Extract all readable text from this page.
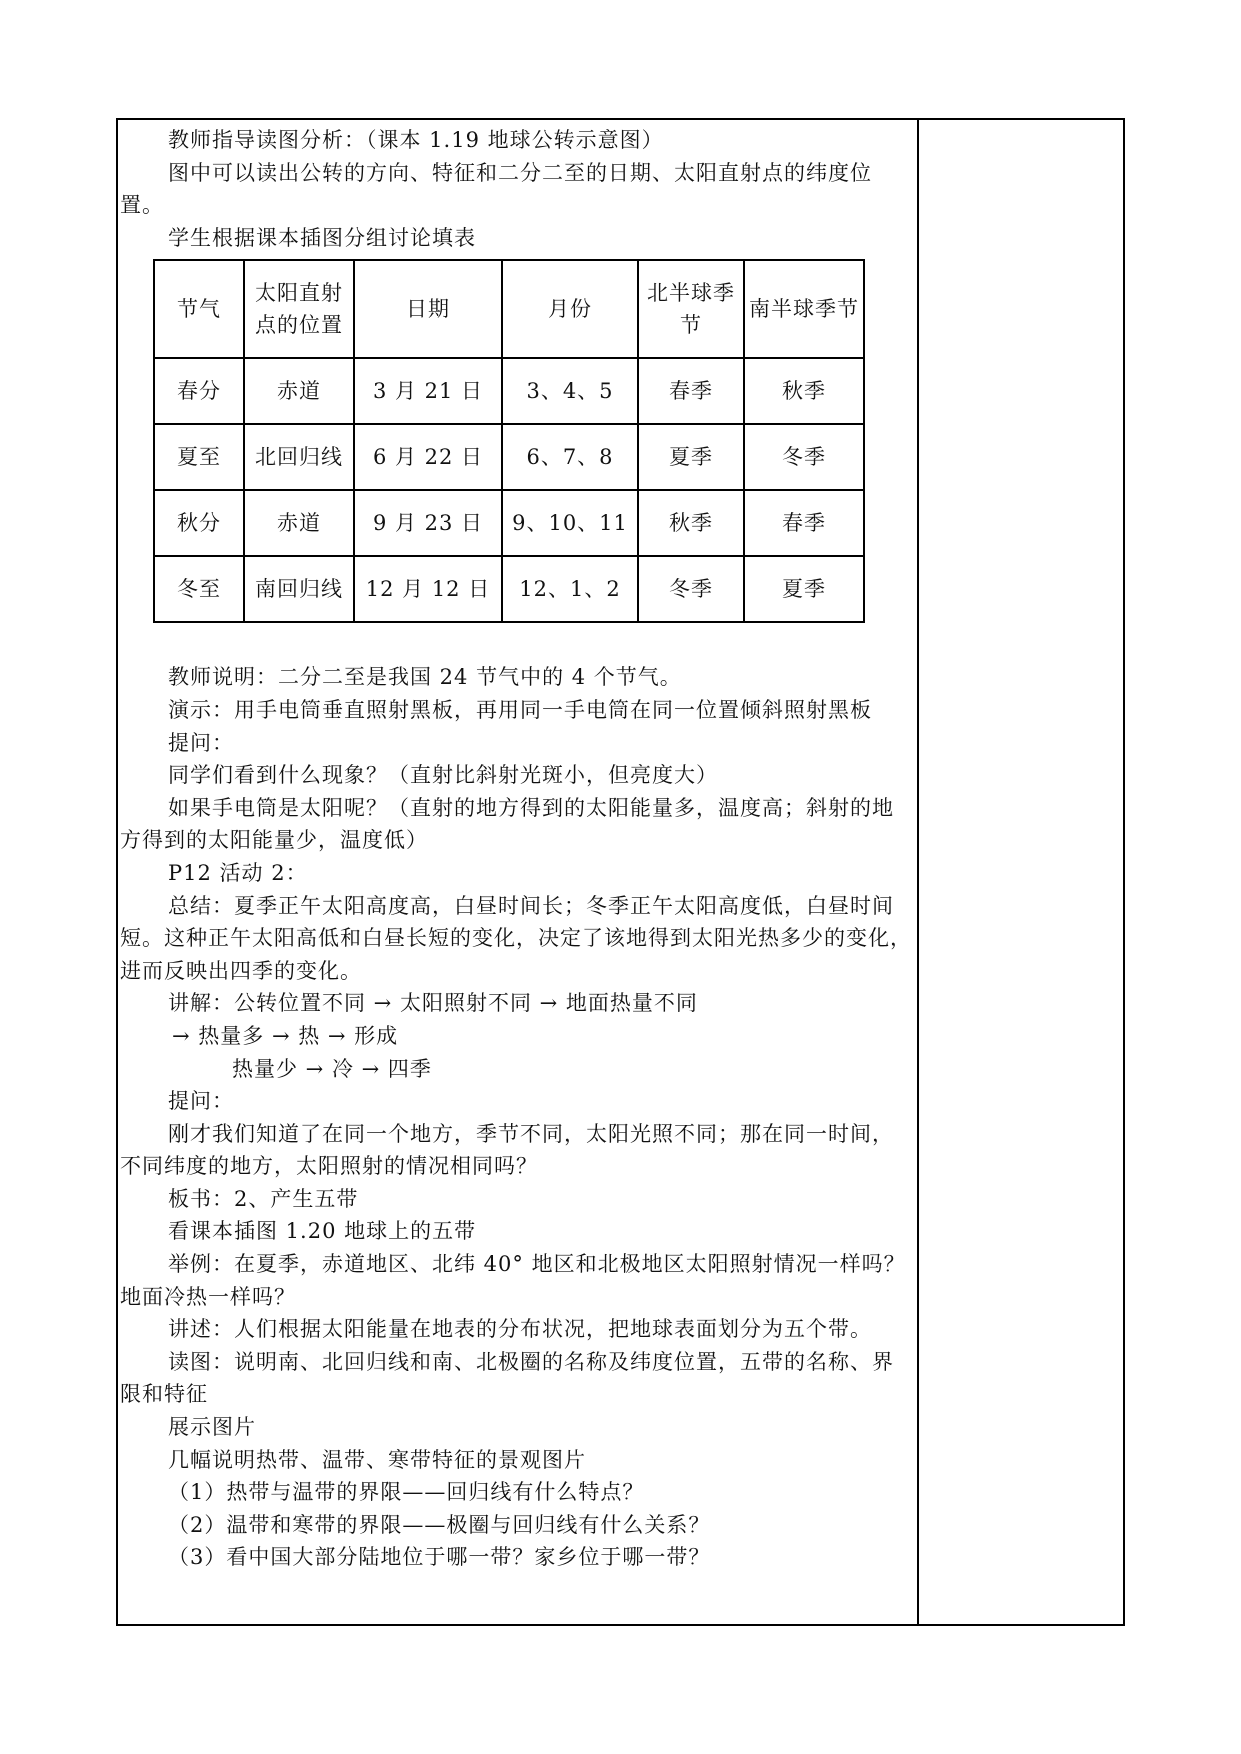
教师指导读图分析：（课本 1.19 地球公转示意图）

图中可以读出公转的方向、特征和二分二至的日期、太阳直射点的纬度位置。

学生根据课本插图分组讨论填表

节气	太阳直射点的位置	日期	月份	北半球季节	南半球季节
春分	赤道	3 月 21 日	3、4、5	春季	秋季
夏至	北回归线	6 月 22 日	6、7、8	夏季	冬季
秋分	赤道	9 月 23 日	9、10、11	秋季	春季
冬至	南回归线	12 月 12 日	12、1、2	冬季	夏季

教师说明：二分二至是我国 24 节气中的 4 个节气。

演示：用手电筒垂直照射黑板，再用同一手电筒在同一位置倾斜照射黑板

提问：

同学们看到什么现象？（直射比斜射光斑小，但亮度大）

如果手电筒是太阳呢？（直射的地方得到的太阳能量多，温度高；斜射的地方得到的太阳能量少，温度低）

P12 活动 2：

总结：夏季正午太阳高度高，白昼时间长；冬季正午太阳高度低，白昼时间短。这种正午太阳高低和白昼长短的变化，决定了该地得到太阳光热多少的变化，进而反映出四季的变化。

讲解：公转位置不同 → 太阳照射不同 → 地面热量不同

→ 热量多 → 热 → 形成

热量少 → 冷 → 四季

提问：

刚才我们知道了在同一个地方，季节不同，太阳光照不同；那在同一时间，不同纬度的地方，太阳照射的情况相同吗？

板书：2、产生五带

看课本插图 1.20 地球上的五带

举例：在夏季，赤道地区、北纬 40° 地区和北极地区太阳照射情况一样吗？地面冷热一样吗？

讲述：人们根据太阳能量在地表的分布状况，把地球表面划分为五个带。

读图：说明南、北回归线和南、北极圈的名称及纬度位置，五带的名称、界限和特征

展示图片

几幅说明热带、温带、寒带特征的景观图片

（1）热带与温带的界限——回归线有什么特点？

（2）温带和寒带的界限——极圈与回归线有什么关系？

（3）看中国大部分陆地位于哪一带？家乡位于哪一带？
